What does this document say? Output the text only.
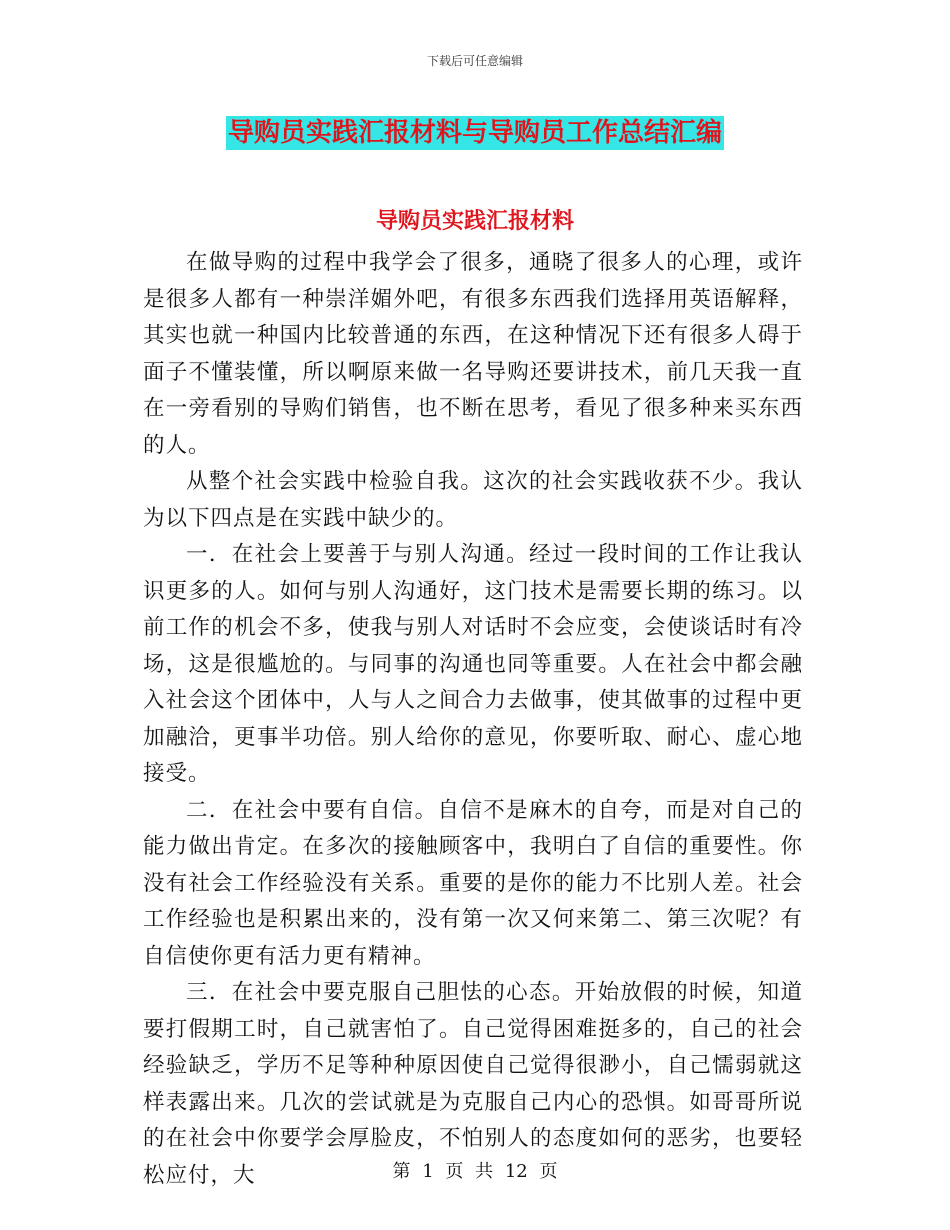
下载后可任意编辑
导购员实践汇报材料与导购员工作总结汇编
导购员实践汇报材料

在做导购的过程中我学会了很多，通晓了很多人的心理，或许是很多人都有一种崇洋媚外吧，有很多东西我们选择用英语解释，其实也就一种国内比较普通的东西，在这种情况下还有很多人碍于面子不懂装懂，所以啊原来做一名导购还要讲技术，前几天我一直在一旁看别的导购们销售，也不断在思考，看见了很多种来买东西的人。

从整个社会实践中检验自我。这次的社会实践收获不少。我认为以下四点是在实践中缺少的。

一．在社会上要善于与别人沟通。经过一段时间的工作让我认识更多的人。如何与别人沟通好，这门技术是需要长期的练习。以前工作的机会不多，使我与别人对话时不会应变，会使谈话时有冷场，这是很尴尬的。与同事的沟通也同等重要。人在社会中都会融入社会这个团体中，人与人之间合力去做事，使其做事的过程中更加融洽，更事半功倍。别人给你的意见，你要听取、耐心、虚心地接受。

二．在社会中要有自信。自信不是麻木的自夸，而是对自己的能力做出肯定。在多次的接触顾客中，我明白了自信的重要性。你没有社会工作经验没有关系。重要的是你的能力不比别人差。社会工作经验也是积累出来的，没有第一次又何来第二、第三次呢？有自信使你更有活力更有精神。

三．在社会中要克服自己胆怯的心态。开始放假的时候，知道要打假期工时，自己就害怕了。自己觉得困难挺多的，自己的社会经验缺乏，学历不足等种种原因使自己觉得很渺小，自己懦弱就这样表露出来。几次的尝试就是为克服自己内心的恐惧。如哥哥所说的在社会中你要学会厚脸皮，不怕别人的态度如何的恶劣，也要轻松应付，大	第 1 页 共 12 页
